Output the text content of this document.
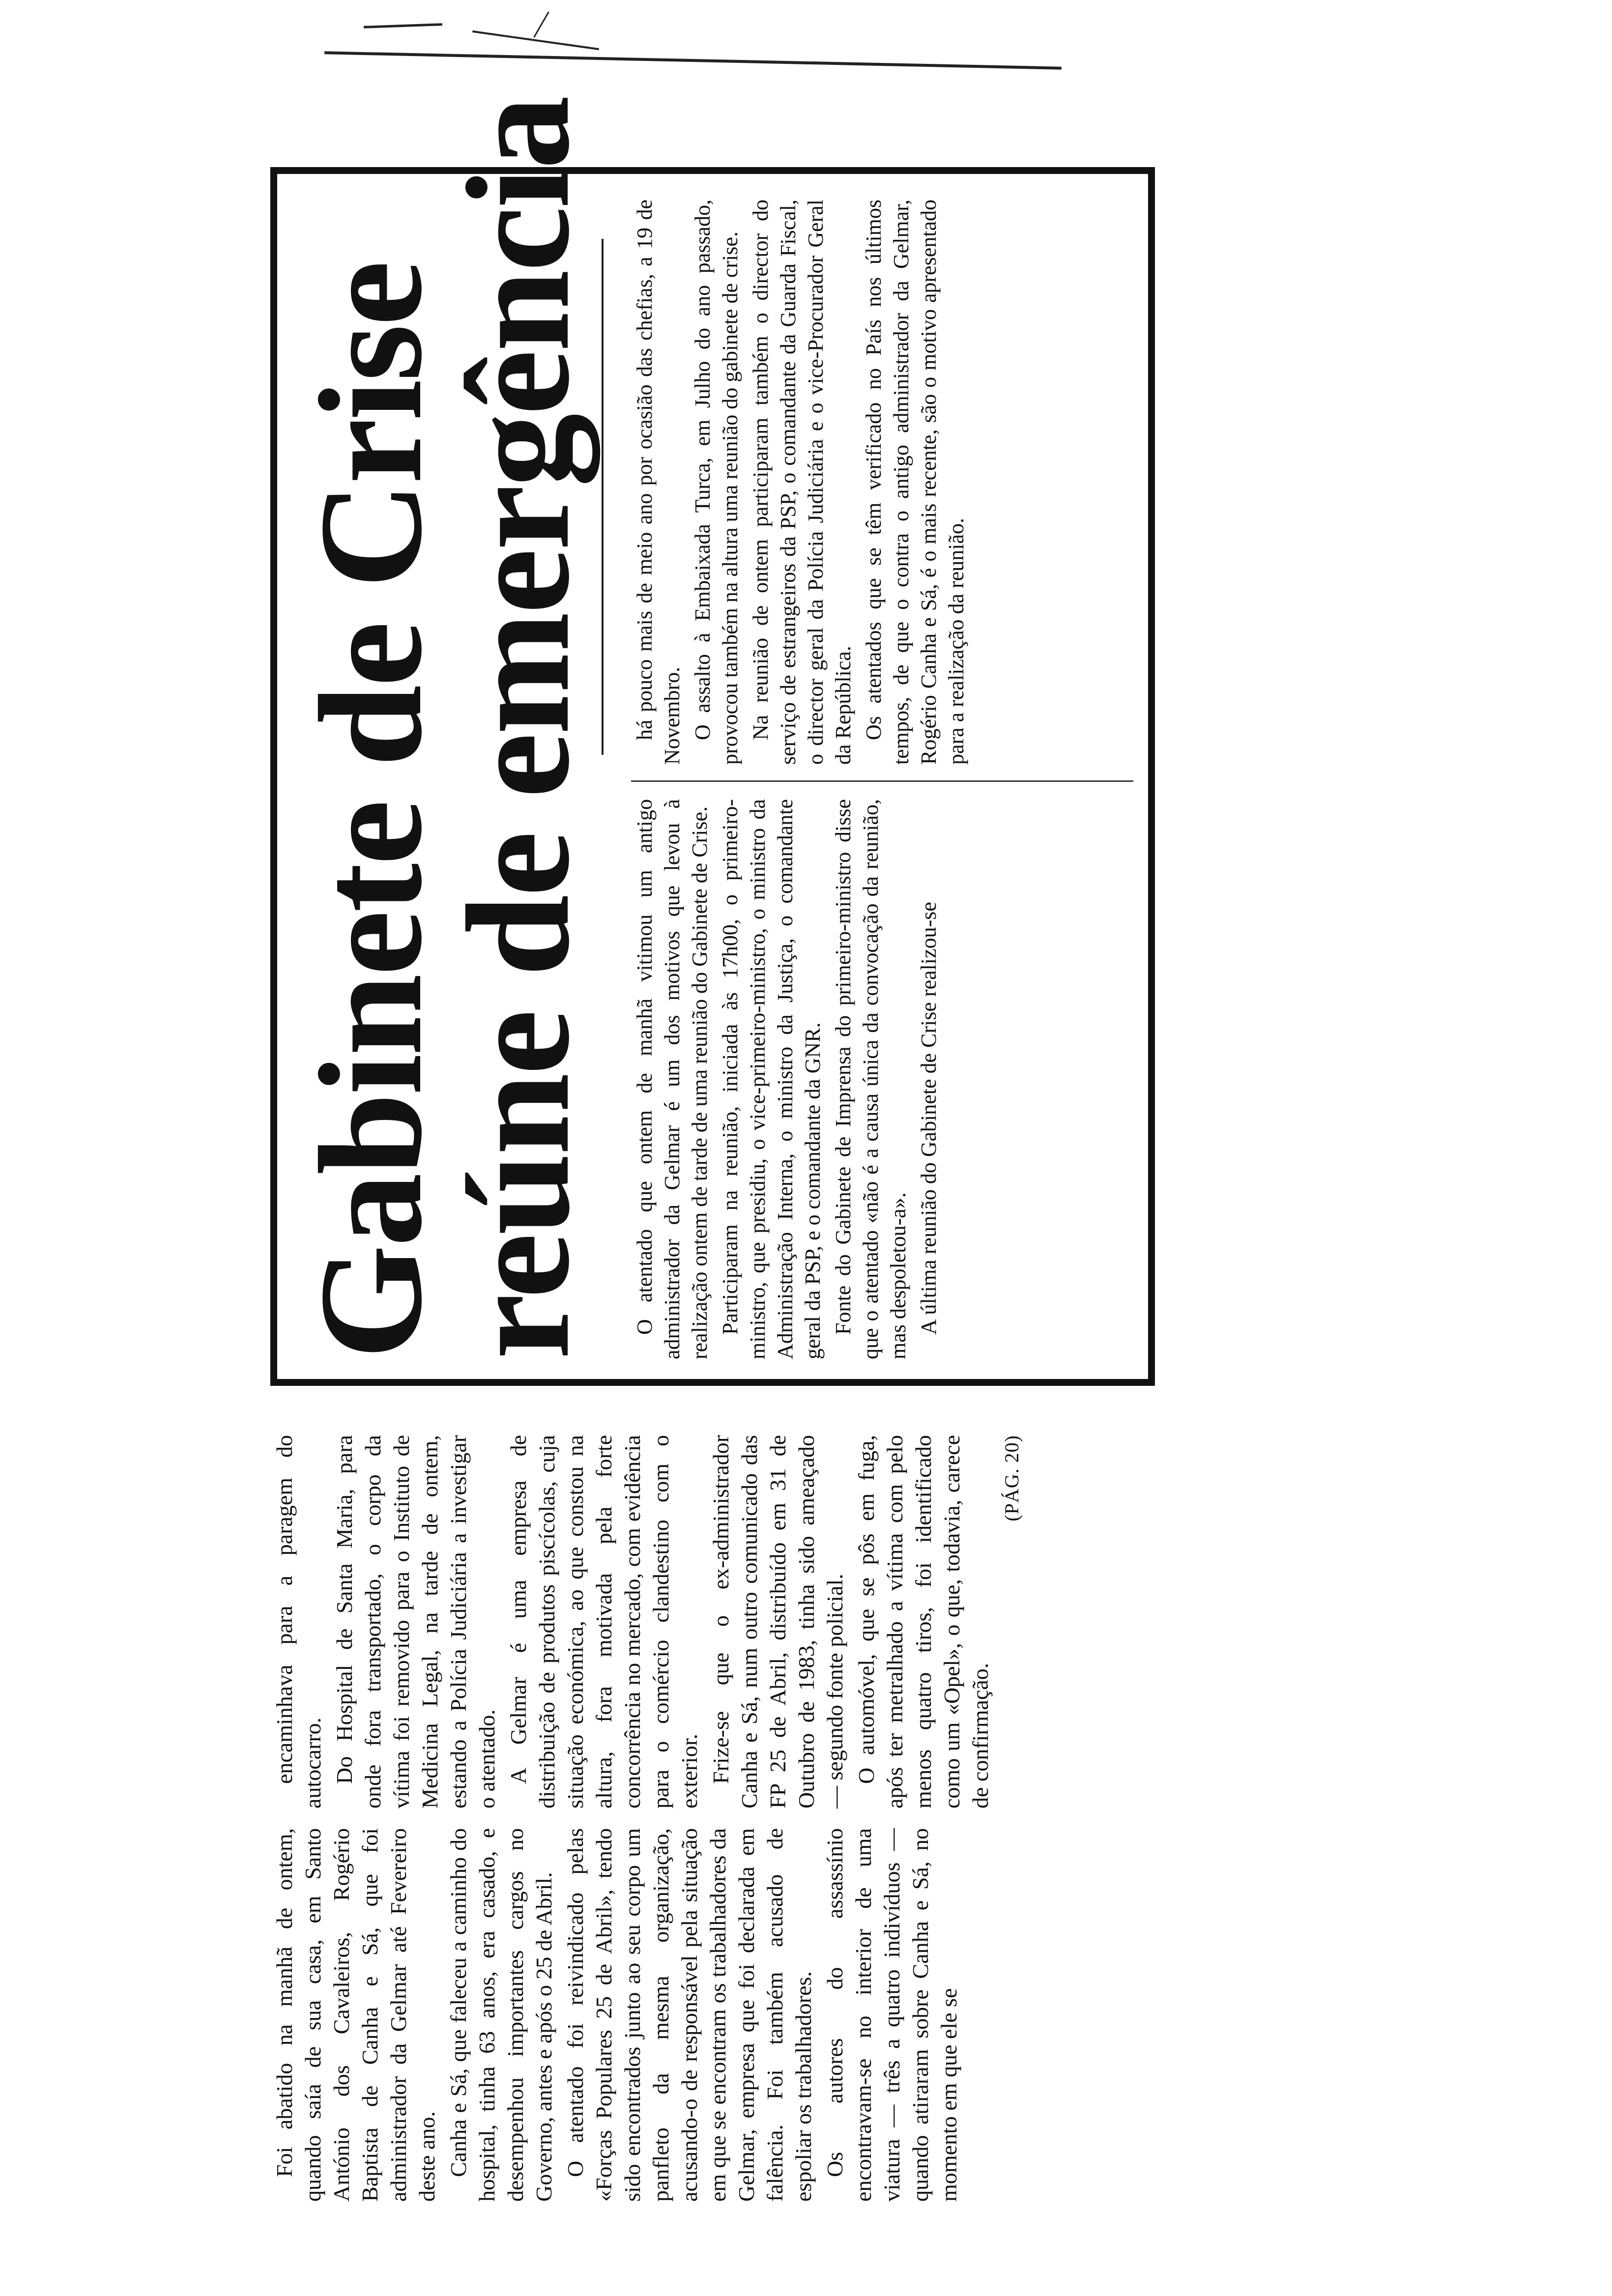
Foi abatido na manhã de ontem, quando saía de sua casa, em Santo António dos Cavaleiros, Rogério Baptista de Canha e Sá, que foi administrador da Gelmar até Fevereiro deste ano. Canha e Sá, que faleceu a caminho do hospital, tinha 63 anos, era casado, e desempenhou importantes cargos no Governo, antes e após o 25 de Abril. O atentado foi reivindicado pelas «Forças Populares 25 de Abril», tendo sido encontrados junto ao seu corpo um panfleto da mesma organização, acusando-o de responsável pela situação em que se encontram os trabalhadores da Gelmar, empresa que foi declarada em falência. Foi também acusado de espoliar os trabalhadores. Os autores do assassínio encontravam-se no interior de uma viatura — três a quatro indivíduos — quando atiraram sobre Canha e Sá, no momento em que ele se

encaminhava para a paragem do autocarro. Do Hospital de Santa Maria, para onde fora transportado, o corpo da vítima foi removido para o Instituto de Medicina Legal, na tarde de ontem, estando a Polícia Judiciária a investigar o atentado. A Gelmar é uma empresa de distribuição de produtos piscícolas, cuja situação económica, ao que constou na altura, fora motivada pela forte concorrência no mercado, com evidência para o comércio clandestino com o exterior. Frize-se que o ex-administrador Canha e Sá, num outro comunicado das FP 25 de Abril, distribuído em 31 de Outubro de 1983, tinha sido ameaçado — segundo fonte policial. O automóvel, que se pôs em fuga, após ter metralhado a vítima com pelo menos quatro tiros, foi identificado como um «Opel», o que, todavia, carece de confirmação.

(PÁG. 20)
Gabinete de Crise
reúne de emergência O atentado que ontem de manhã vitimou um antigo administrador da Gelmar é um dos motivos que levou à realização ontem de tarde de uma reunião do Gabinete de Crise. Participaram na reunião, iniciada às 17h00, o primeiro-ministro, que presidiu, o vice-primeiro-ministro, o ministro da Administração Interna, o ministro da Justiça, o comandante geral da PSP, e o comandante da GNR. Fonte do Gabinete de Imprensa do primeiro-ministro disse que o atentado «não é a causa única da convocação da reunião, mas despoletou-a». A última reunião do Gabinete de Crise realizou-se

há pouco mais de meio ano por ocasião das chefias, a 19 de Novembro. O assalto à Embaixada Turca, em Julho do ano passado, provocou também na altura uma reunião do gabinete de crise. Na reunião de ontem participaram também o director do serviço de estrangeiros da PSP, o comandante da Guarda Fiscal, o director geral da Polícia Judiciária e o vice-Procurador Geral da República. Os atentados que se têm verificado no País nos últimos tempos, de que o contra o antigo administrador da Gelmar, Rogério Canha e Sá, é o mais recente, são o motivo apresentado para a realização da reunião.
